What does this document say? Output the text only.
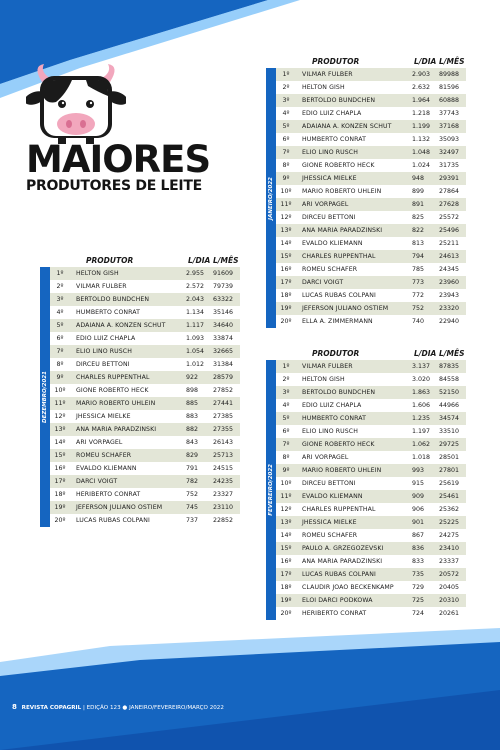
MAIORES
PRODUTORES DE LEITE
PRODUTOR	L/DIA L/MÊS
DEZEMBRO/2021
1º	HELTON GISH	2.955 91609
2º	VILMAR FULBER	2.572 79739
3º	BERTOLDO BUNDCHEN	2.043 63322
4º	HUMBERTO CONRAT	1.134 35146
5º	ADAIANA A. KONZEN SCHUT	1.117 34640
6º	EDIO LUIZ CHAPLA	1.093 33874
7º	ELIO LINO RUSCH	1.054 32665
8º	DIRCEU BETTONI	1.012 31384
9º	CHARLES RUPPENTHAL	922 28579
10º	GIONE ROBERTO HECK	898 27852
11º	MARIO ROBERTO UHLEIN	885 27441
12º	JHESSICA MIELKE	883 27385
13º	ANA MARIA PARADZINSKI	882 27355
14º	ARI VORPAGEL	843 26143
15º	ROMEU SCHAFER	829 25713
16º	EVALDO KLIEMANN	791 24515
17º	DARCI VOIGT	782 24235
18º	HERIBERTO CONRAT	752 23327
19º	JEFERSON JULIANO OSTIEM	745 23110
20º	LUCAS RUBAS COLPANI	737 22852
PRODUTOR	L/DIA L/MÊS
JANEIRO/2022
1º	VILMAR FULBER	2.903 89988
2º	HELTON GISH	2.632 81596
3º	BERTOLDO BUNDCHEN	1.964 60888
4º	EDIO LUIZ CHAPLA	1.218 37743
5º	ADAIANA A. KONZEN SCHUT	1.199 37168
6º	HUMBERTO CONRAT	1.132 35093
7º	ELIO LINO RUSCH	1.048 32497
8º	GIONE ROBERTO HECK	1.024 31735
9º	JHESSICA MIELKE	948 29391
10º	MARIO ROBERTO UHLEIN	899 27864
11º	ARI VORPAGEL	891 27628
12º	DIRCEU BETTONI	825 25572
13º	ANA MARIA PARADZINSKI	822 25496
14º	EVALDO KLIEMANN	813 25211
15º	CHARLES RUPPENTHAL	794 24613
16º	ROMEU SCHAFER	785 24345
17º	DARCI VOIGT	773 23960
18º	LUCAS RUBAS COLPANI	772 23943
19º	JEFERSON JULIANO OSTIEM	752 23320
20º	ELLA A. ZIMMERMANN	740 22940
PRODUTOR	L/DIA L/MÊS
FEVEREIRO/2022
1º	VILMAR FULBER	3.137 87835
2º	HELTON GISH	3.020 84558
3º	BERTOLDO BUNDCHEN	1.863 52150
4º	EDIO LUIZ CHAPLA	1.606 44966
5º	HUMBERTO CONRAT	1.235 34574
6º	ELIO LINO RUSCH	1.197 33510
7º	GIONE ROBERTO HECK	1.062 29725
8º	ARI VORPAGEL	1.018 28501
9º	MARIO ROBERTO UHLEIN	993 27801
10º	DIRCEU BETTONI	915 25619
11º	EVALDO KLIEMANN	909 25461
12º	CHARLES RUPPENTHAL	906 25362
13º	JHESSICA MIELKE	901 25225
14º	ROMEU SCHAFER	867 24275
15º	PAULO A. GRZEGOZEVSKI	836 23410
16º	ANA MARIA PARADZINSKI	833 23337
17º	LUCAS RUBAS COLPANI	735 20572
18º	CLAUDIR JOAO BECKENKAMP	729 20405
19º	ELOI DARCI PODKOWA	725 20310
20º	HERIBERTO CONRAT	724 20261
8 REVISTA COPAGRIL | EDIÇÃO 123 ● JANEIRO/FEVEREIRO/MARÇO 2022
